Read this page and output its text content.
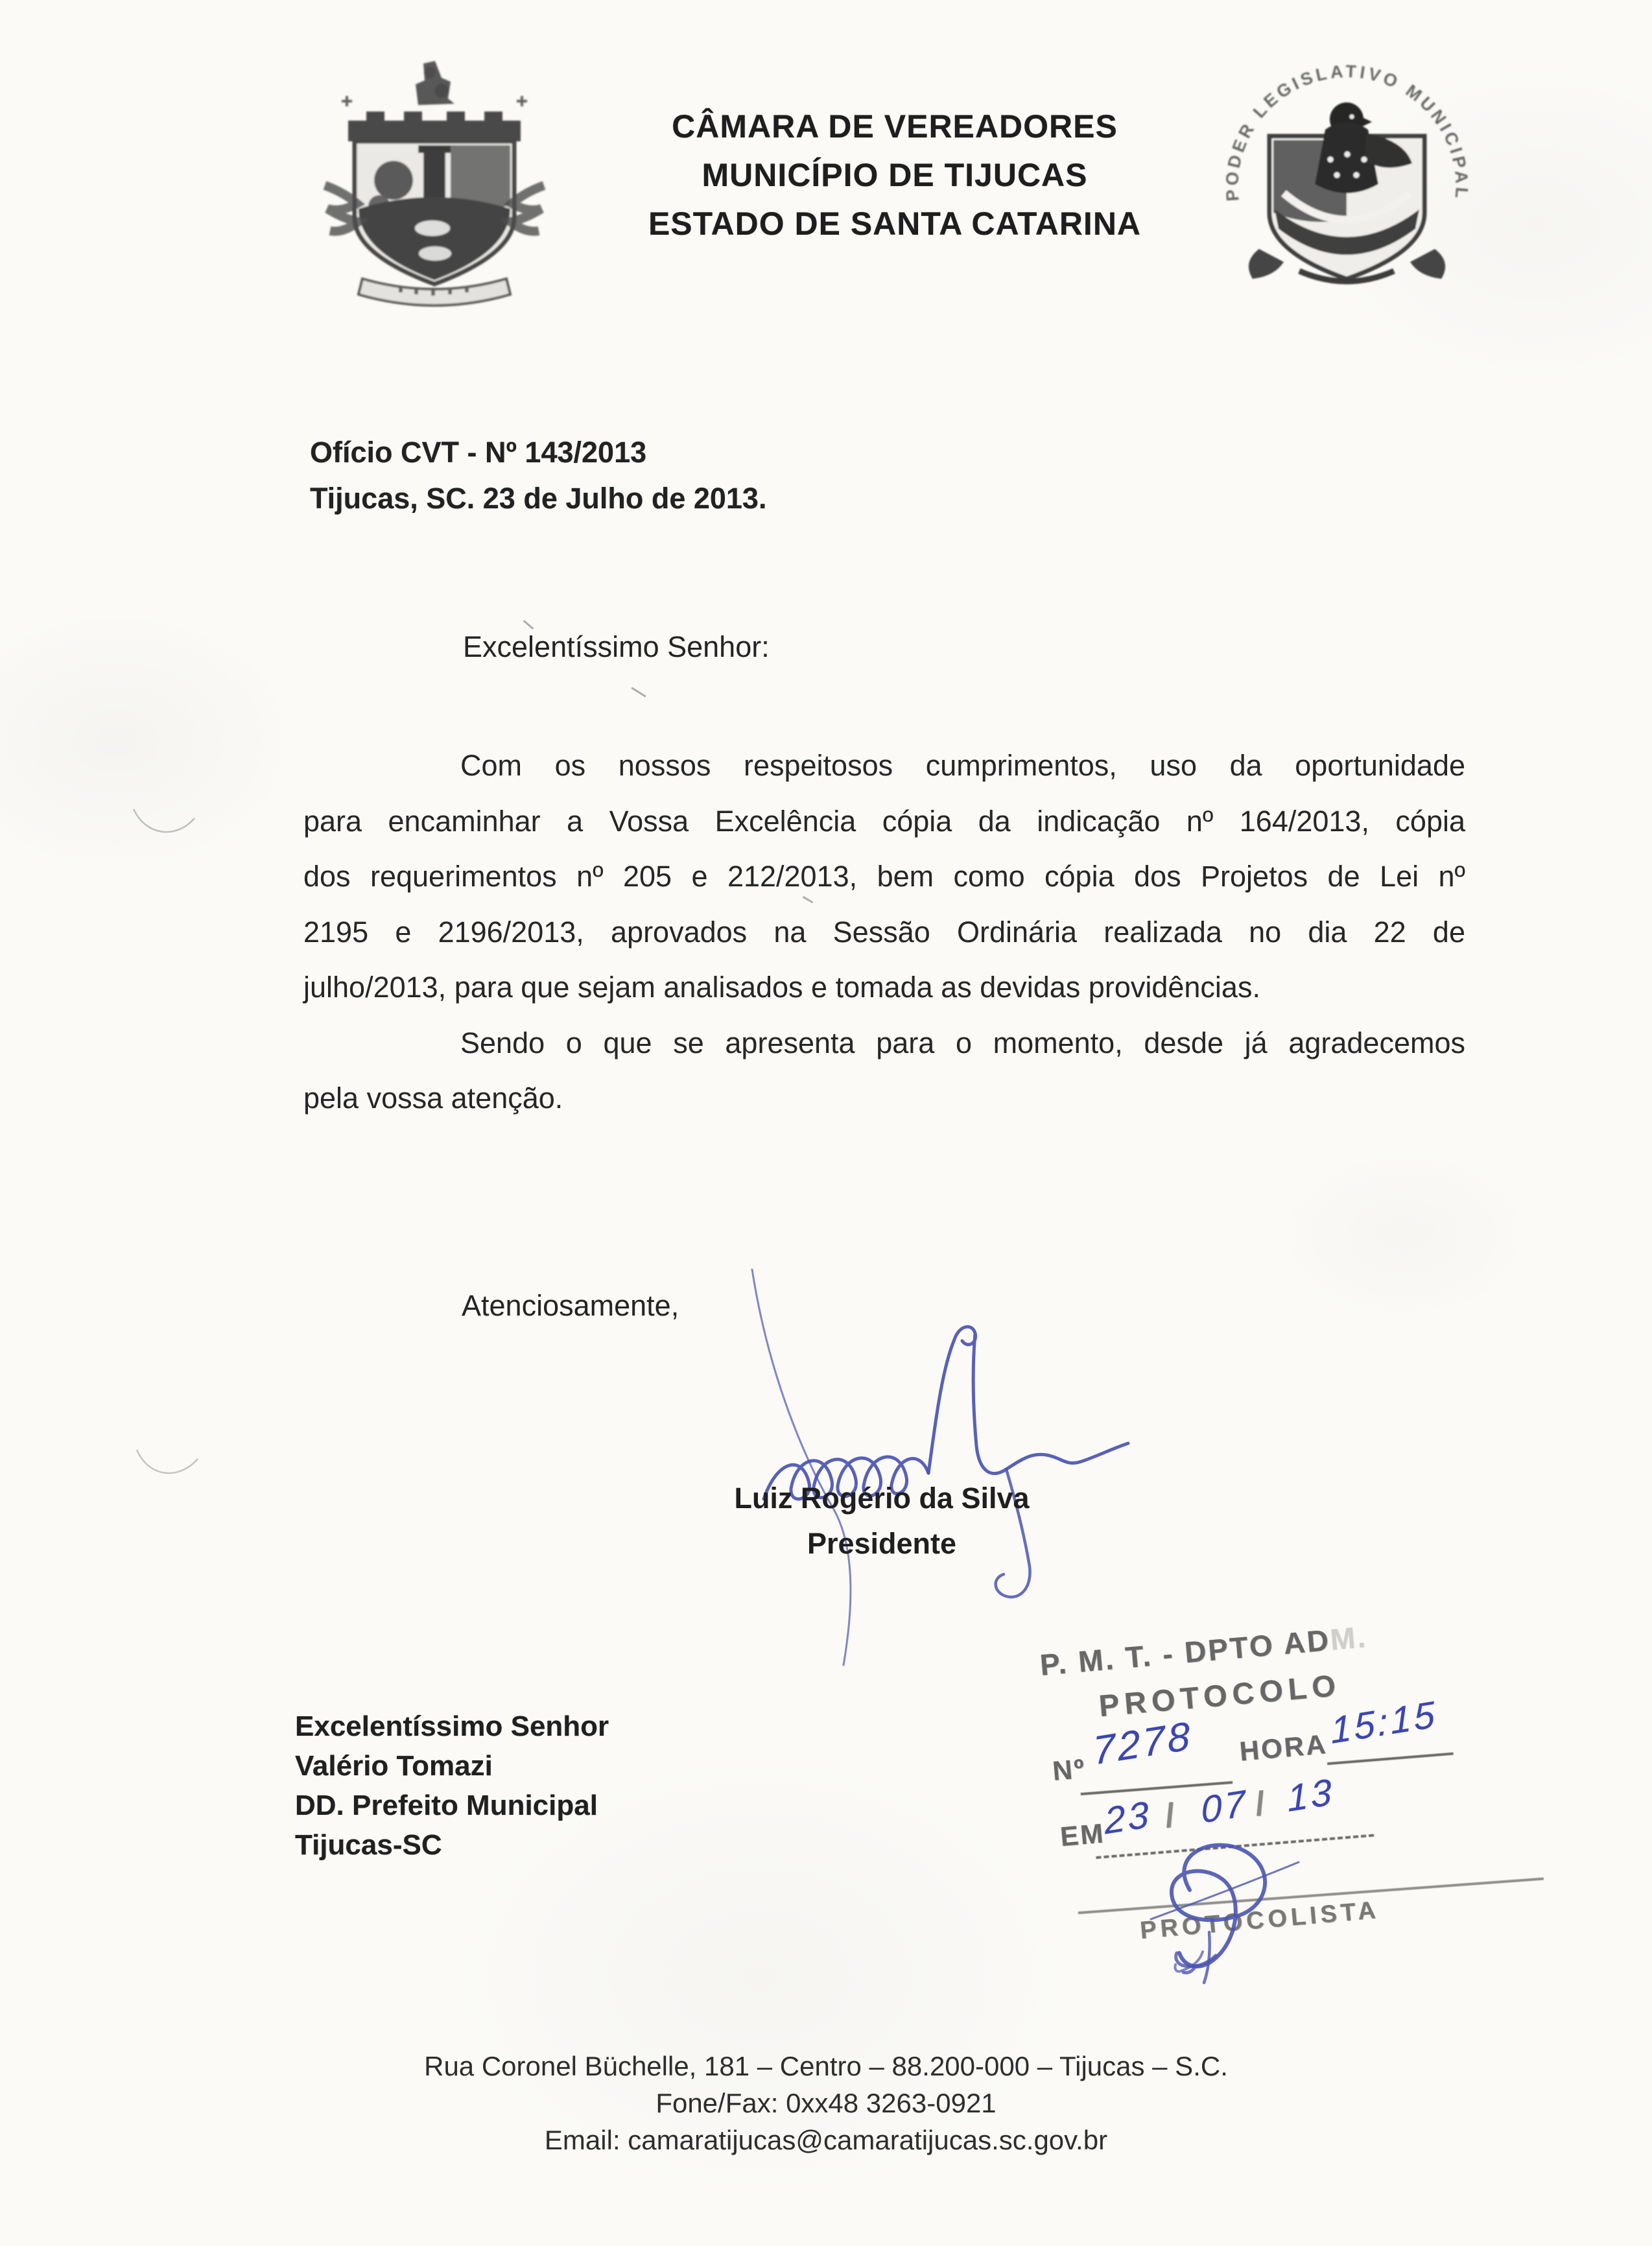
CÂMARA DE VEREADORES
MUNICÍPIO DE TIJUCAS
ESTADO DE SANTA CATARINA
PODER LEGISLATIVO MUNICIPAL
Ofício CVT - Nº 143/2013
Tijucas, SC. 23 de Julho de 2013.
Excelentíssimo Senhor:
Com os nossos respeitosos cumprimentos, uso da oportunidade
para encaminhar a Vossa Excelência cópia da indicação nº 164/2013, cópia
dos requerimentos nº 205 e 212/2013, bem como cópia dos Projetos de Lei nº
2195 e 2196/2013, aprovados na Sessão Ordinária realizada no dia 22 de
julho/2013, para que sejam analisados e tomada as devidas providências.
Sendo o que se apresenta para o momento, desde já agradecemos
pela vossa atenção.
Atenciosamente,
Luiz Rogério da Silva
Presidente
Excelentíssimo Senhor
Valério Tomazi
DD. Prefeito Municipal
Tijucas-SC
P. M. T. - DPTO ADM.
PROTOCOLO
Nº 7278 HORA 15:15
EM
23 / 07 / 13
PROTOCOLISTA
Rua Coronel Büchelle, 181 – Centro – 88.200-000 – Tijucas – S.C.
Fone/Fax: 0xx48 3263-0921
Email: camaratijucas@camaratijucas.sc.gov.br
